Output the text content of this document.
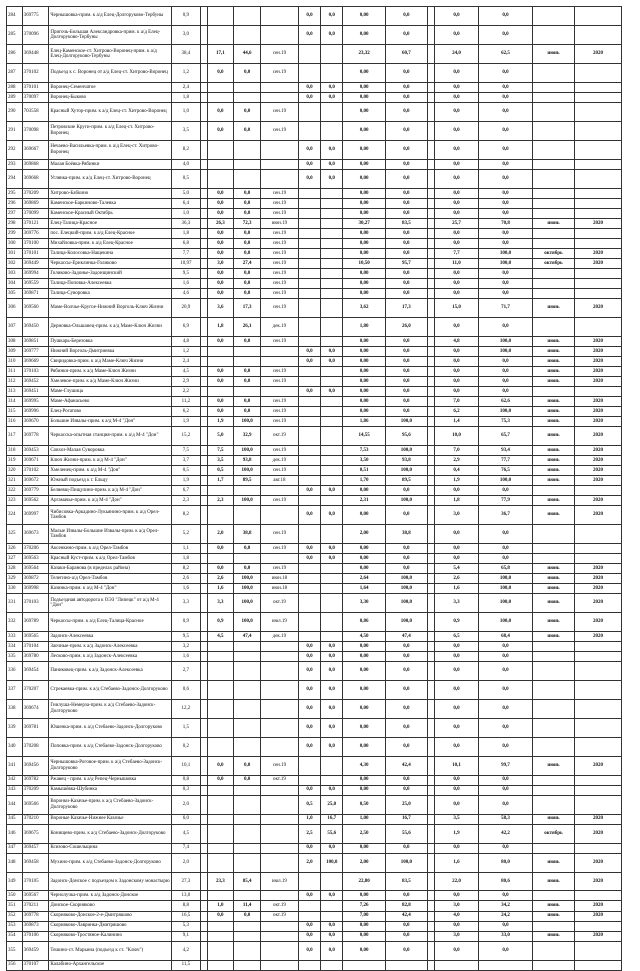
284	369775	Чернышовка-прим. к а/д Елец-Долгоруково-Тербуны	0,9					0,0	0,0	0,00	0,0		0,0	0,0		
285	370096	Пригочь-Большая Александровка-прим. к а/д Елец-Долгоруково-Тербуны	3,0					0,0	0,0	0,00	0,0		0,0	0,0		
286	369448	Елец-Каменское-ст. Хитрово-Воронец-прим. к а/д Елец-Долгоруково-Тербуны	38,4		17,1	44,6	сен.19			23,32	60,7		24,0	62,5	июнь	2020
287	370102	Подъезд к с. Воронец от а/д Елец-ст. Хитрово-Воронец	1,2		0,0	0,0	сен.19			0,00	0,0		0,0	0,0		
288	370101	Воронец-Семенчатое	2,4					0,0	0,0	0,00	0,0		0,0	0,0		
289	370097	Воронец-Быково	1,8					0,0	0,0	0,00	0,0		0,0	0,0		
290	703558	Красный Хутор-прим. к а/д Елец-ст. Хитрово-Воронец	1,0		0,0	0,0	сен.19			0,00	0,0		0,0	0,0		
291	370098	Петровские Круги-прим. к а/д Елец-ст. Хитрово-Воронец	3,5		0,0	0,0	сен.19			0,00	0,0		0,0	0,0		
292	369667	Нечаево-Васильевка-прим. к а/д Елец-ст. Хитрово-Воронец	8,2					0,0	0,0	0,00	0,0		0,0	0,0		
293	369868	Малая Боёвка-Рябинки	4,0					0,0	0,0	0,00	0,0		0,0	0,0		
294	369668	Углянка-прим. к а/д Елец-ст. Хитрово-Воронец	0,5					0,0	0,0	0,00	0,0		0,0	0,0		
295	370209	Хитрово-Бабкино	5,0		0,0	0,0	сен.19			0,00	0,0		0,0	0,0		
296	369869	Каменское-Баркиново-Талевка	6,4		0,0	0,0	сен.19			0,00	0,0		0,0	0,0		
297	370099	Каменское-Красный Октябрь	1,0		0,0	0,0	сен.19			0,00	0,0		0,0	0,0		
298	370121	Елец-Талица-Красное	36,3		26,3	72,3	июн.19			30,27	83,5		25,7	70,8	июнь	2020
299	369776	пос. Елецкий-прим. к а/д Елец-Красное	1,8		0,0	0,0	сен.19			0,00	0,0		0,0	0,0		
300	370100	Михайловка-прим. к а/д Елец-Красное	6,8		0,0	0,0	сен.19			0,00	0,0		0,0	0,0		
301	370101	Талица-Колосовка-Нащекина	7,7		0,0	0,0	сен.19			0,00	0,0		7,7	100,0	октябрь	2020
302	369449	Черкассы-Ериклинка-Голиково	10,97		3,0	27,4	сен.19			10,50	95,7		11,0	100,0	октябрь	2020
303	369994	Голиково-Задонье-Задонщинский	9,5		0,0	0,0	сен.19			0,00	0,0		0,0	0,0		
304	369559	Талица-Поповка-Алексеевка	1,6		0,0	0,0	сен.19			0,00	0,0		0,0	0,0		
305	369871	Талица-Суворовка	4,6		0,0	0,0	сен.19			0,00	0,0		0,0	0,0		
306	369560	Маме-Волчье-Кругое-Нижний Ворголь-Ключ Жизни	20,9		3,6	17,3	сен.19			3,62	17,3		15,0	71,7	июнь	2020
307	369450	Дерновка-Ольшанец-прим. к а/д Маме-Ключ Жизни	6,9		1,8	26,1	дек.19			1,80	26,0		0,0	0,0		
308	369851	Пушкарь-Березовка	4,8		0,0	0,0	сен.19			0,00	0,0		4,8	100,0	июнь	2020
309	369777	Нижний Ворголь-Дмитриевка	1,2					0,0	0,0	0,00	0,0		0,0	100,0	июнь	2020
310	369669	Свиридовка-прим. к а/д Маме-Ключ Жизни	2,4					0,0	0,0	0,00	0,0		0,0	0,0	июнь	2020
311	370103	Рябинки-прим. к а/д Маме-Ключ Жизни	4,5		0,0	0,0	сен.19			0,00	0,0		0,0	0,0	июнь	2020
312	369452	Хмелевое-прим. к а/д Маме-Ключ Жизни	2,9		0,0	0,0	сен.19			0,00	0,0		0,0	0,0	июнь	2020
313	369451	Маме-Глушица	2,2					0,0	0,0	0,00	0,0		0,0	0,0		
314	369995	Маме-Афанасьево	11,2		0,0	0,0	сен.19			0,00	0,0		7,0	62,6	июнь	2020
315	369996	Елец-Рогатово	6,2		0,0	0,0	сен.19			0,00	0,0		6,2	100,0	июнь	2020
316	369670	Большие Извалы-прим. к а/д М-4 "Дон"	1,9		1,9	100,0	сен.19			1,86	100,0		1,4	75,3	июнь	2020
317	369778	Черкасска-опытная станция-прим. к а/д М-4 "Дон"	15,2		5,0	32,9	окт.19			14,55	95,6		10,0	65,7	июнь	2020
318	369453	Совхоз-Малая Суворовка	7,5		7,5	100,0	сен.19			7,53	100,0		7,0	93,4	июнь	2020
319	369671	Ключ Жизни-прим. к а/д М-4 "Дон"	3,7		3,5	93,8	дек.19			3,50	93,8		2,9	77,7	июнь	2020
320	370102	Хмеленец-прим. к а/д М-4 "Дон"	0,5		0,5	100,0	сен.19			0,51	100,0		0,4	76,5	июнь	2020
321	369672	Южный подъезд к г. Ельцу	1,9		1,7	89,5	авг.18			1,70	89,5		1,9	100,0	июнь	2020
322	369779	Беляевщ-Пищулино-прим. к а/д М-4 "Дон"	6,7					0,0	0,0	0,00	0,0		0,0	0,0		
323	369562	Аргамачье-прим. к а/д М-4 "Дон"	2,3		2,3	100,0	сен.19			2,31	100,0		1,8	77,9	июнь	2020
324	369997	Чибисовка-Аркадино-Лукьянино-прим. к а/д Орел-Тамбов	8,2					0,0	0,0	0,00	0,0		3,0	36,7	июнь	2020
325	369673	Малые Извалы-Большие Извалы-прим. к а/д Орел-Тамбов	5,2		2,0	38,8	сен.19			2,00	38,8		0,0	0,0		
326	370206	Аксенкино-прим. к а/д Орел-Тамбов	1,1		0,0	0,0	сен.19	0,0	0,0	0,00	0,0		0,0	0,0		
327	369563	Красный Куст-прим. к а/д Орел-Тамбов	1,8					0,0	0,0	0,00	0,0		0,0	0,0		
328	369564	Казаки-Баранова (в пределах района)	8,2		0,0	0,0	сен.19			0,00	0,0		5,4	65,8	июнь	2020
329	369872	Телегино-а/д Орел-Тамбов	2,6		2,6	100,0	июн.18			2,64	100,0		2,6	100,0	июнь	2020
330	369998	Казинка-прим. к а/д М-4 "Дон"	1,6		1,6	100,0	июн.18			1,64	100,0		1,6	100,0	июнь	2020
331	370103	Подъездная автодорога к ОЭЗ "Липецк" от а/д М-4 "Дон"	3,3		3,3	100,0	окт.19			3,30	100,0		3,3	100,0	июнь	2020
332	369789	Черкассы-прим. к а/д Елец-Талица-Красное	0,9		0,9	100,0	июл.19			0,86	100,0		0,9	100,0	июнь	2020
333	369565	Задонск-Алексеевка	9,5		4,5	47,4	дек.19			4,50	47,4		6,5	68,4	июнь	2020
334	370104	Заочные-прим. к а/д Задонск-Алексеевка	3,2					0,0	0,0	0,00	0,0		0,0	0,0		
335	369780	Лесково-прим. к а/д Задонск-Алексеевка	1,6					0,0	0,0	0,00	0,0		0,0	0,0		
336	369454	Паниковец-прим. к а/д Задонск-Алексеевка	2,7					0,0	0,0	0,00	0,0		0,0	0,0		
337	370207	Стрекаевка-прим. к а/д Стебаево-Задонск-Долгоруково	0,6					0,0	0,0	0,00	0,0		0,0	0,0		
338	369674	Гнилуша-Немерза-прим. к а/д Стебаево-Задонск-Долгоруково	12,2					0,0	0,0	0,00	0,0		0,0	0,0		
339	369781	Юшенка-прим. к а/д Стебаево-Задонск-Долгоруково	1,5					0,0	0,0	0,00	0,0		0,0	0,0		
340	370208	Поповка-прим. к а/д Стебаево-Задонск-Долгоруково	0,2					0,0	0,0	0,00	0,0		0,0	0,0		
341	369456	Чернышовка-Роговое-прим. к а/д Стебаево-Задонск-Долгоруково	10,1		0,0	0,0	сен.19			4,30	42,4		10,1	99,7	июнь	2020
342	369782	Ржавец - прим. к а/д Репец-Чернышовка	0,8		0,0	0,0	окт.19			0,00	0,0		0,0	0,0		
343	370209	Камышёвка-Шубинка	0,3					0,0	0,0	0,00	0,0		0,0	0,0		
344	369566	Воронки-Казачье-прим. к а/д Стебаево-Задонск-Долгоруково	2,0					0,5	25,0	0,50	25,0		0,0	0,0		
345	370210	Вороные Казачье-Нижнее Казачье	6,0					1,0	16,7	1,00	16,7		3,5	58,3	июнь	2020
346	369675	Конищево-прим. к а/д Стебаево-Задонск-Долгоруково	4,5					2,5	55,6	2,50	55,6		1,9	42,2	октябрь	2020
347	369457	Ксизово-Сошельщина	7,4					0,0	0,0	0,00	0,0		0,0	0,0		
348	369458	Мухино-прим. к а/д Стебаево-Задонск-Долгоруково	2,0					2,0	100,0	2,00	100,0		1,6	80,0	июнь	2020
349	370105	Задонск-Донское с подъездом к Задонскому монастырю	27,3		23,3	85,4	июл.19			22,80	83,5		22,0	80,6	июнь	2020
350	369567	Чернолучка-прим. к а/д Задонск-Донское	13,0					0,0	0,0	0,00	0,0		0,0	0,0		
351	370211	Донское-Скорняково	8,8		1,0	11,4	окт.19			7,26	82,8		3,0	34,2	июнь	2020
352	369778	Скорняково-Донское-2-е-Дмитряшово	16,5		0,0	0,0	окт.19			7,00	42,4		4,0	24,2	июнь	2020
353	369873	Скорняково-Лавринка-Дмитряшово	5,3					0,0	0,0	0,00	0,0		0,0	0,0		
354	370106	Скорняково-Тростяное-Калинино	9,1					0,0	0,0	0,00	0,0		3,0	33,0	июнь	2020
355	369459	Тешино-ст. Марьина (подъезд к ст. "Ключ")	4,2					0,0	0,0	0,00	0,0		0,0	0,0		
356	370107	Калабино-Архангельское	11,5													
